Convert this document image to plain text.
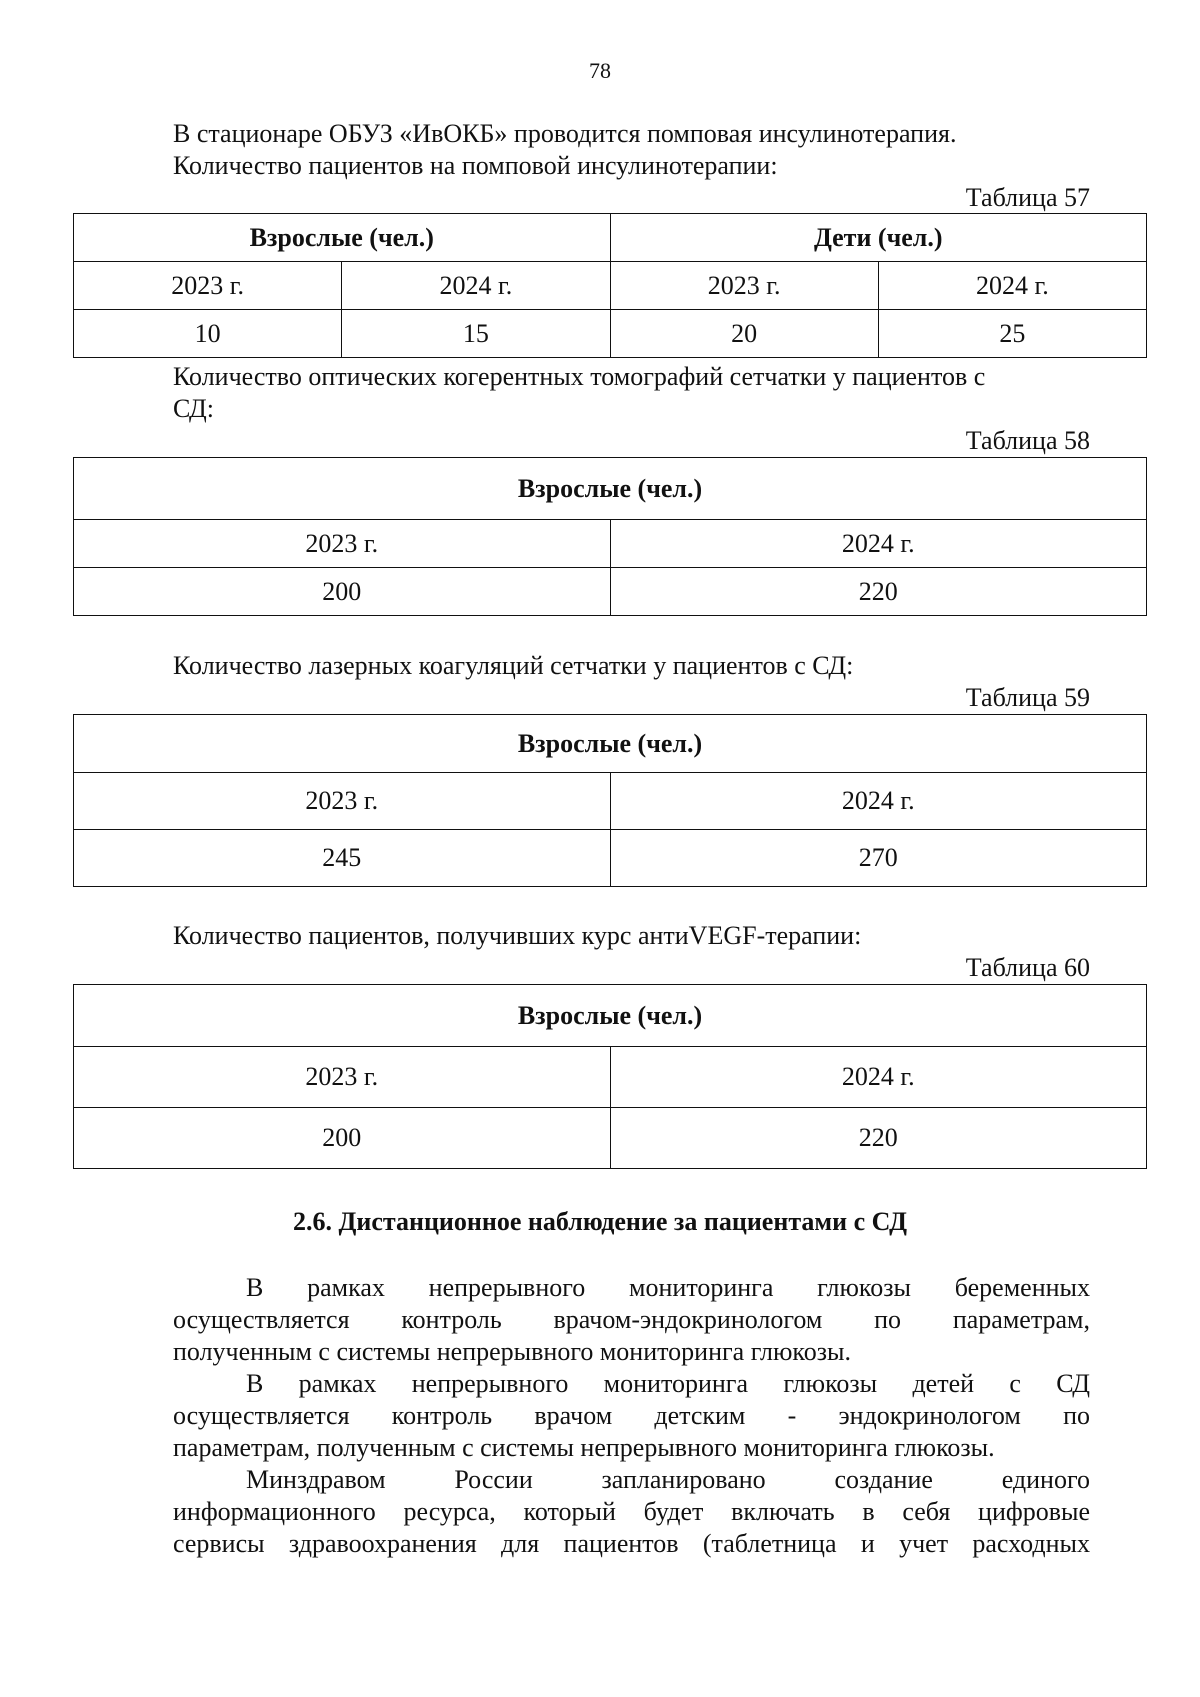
78
В стационаре ОБУЗ «ИвОКБ» проводится помповая инсулинотерапия.
Количество пациентов на помповой инсулинотерапии:
Таблица 57
Взрослые (чел.)		Дети (чел.)	
2023 г.	2024 г.	2023 г.	2024 г.
10	15	20	25
Количество оптических когерентных томографий сетчатки у пациентов с
СД:
Таблица 58
Взрослые (чел.)	
2023 г.	2024 г.
200	220
Количество лазерных коагуляций сетчатки у пациентов с СД:
Таблица 59
Взрослые (чел.)	
2023 г.	2024 г.
245	270
Количество пациентов, получивших курс антиVEGF-терапии:
Таблица 60
Взрослые (чел.)	
2023 г.	2024 г.
200	220
2.6. Дистанционное наблюдение за пациентами с СД
В рамках непрерывного мониторинга глюкозы беременных
осуществляется контроль врачом-эндокринологом по параметрам,
полученным с системы непрерывного мониторинга глюкозы.
В рамках непрерывного мониторинга глюкозы детей с СД
осуществляется контроль врачом детским - эндокринологом по
параметрам, полученным с системы непрерывного мониторинга глюкозы.
Минздравом России запланировано создание единого
информационного ресурса, который будет включать в себя цифровые
сервисы здравоохранения для пациентов (таблетница и учет расходных
